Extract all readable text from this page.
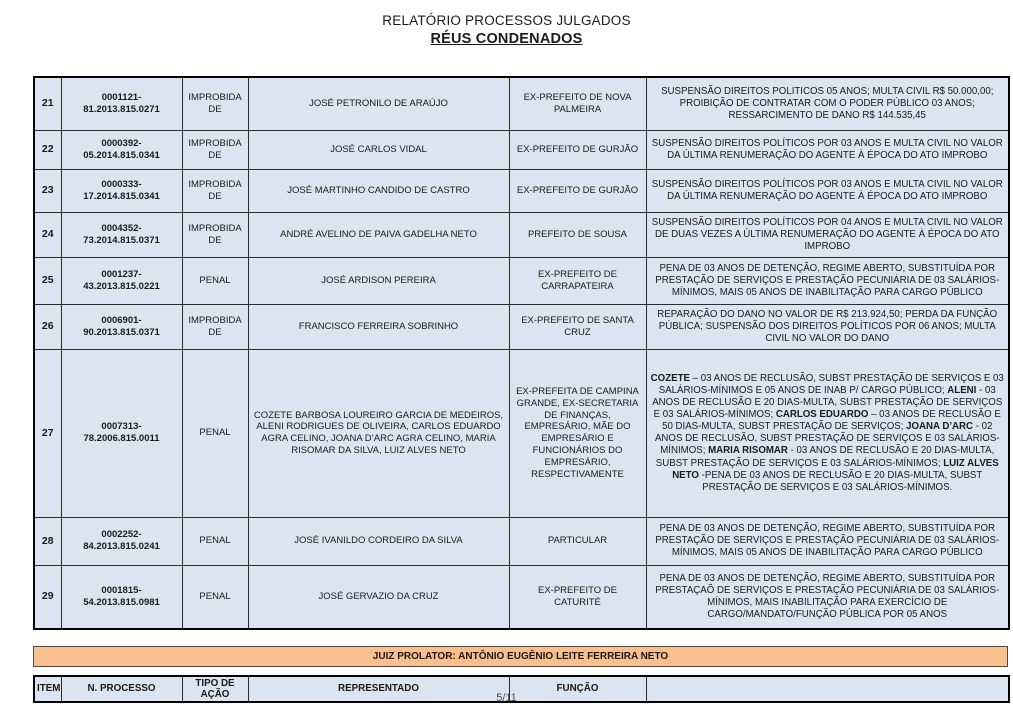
RELATÓRIO PROCESSOS JULGADOS
RÉUS CONDENADOS
21	0001121-81.2013.815.0271	IMPROBIDADE	JOSÉ PETRONILO DE ARAÚJO	EX-PREFEITO DE NOVA PALMEIRA	SUSPENSÃO DIREITOS POLITICOS 05 ANOS; MULTA CIVIL R$ 50.000,00; PROIBIÇÃO DE CONTRATAR COM O PODER PÚBLICO 03 ANOS; RESSARCIMENTO DE DANO R$ 144.535,45
22	0000392-05.2014.815.0341	IMPROBIDADE	JOSÉ CARLOS VIDAL	EX-PREFEITO DE GURJÃO	SUSPENSÃO DIREITOS POLÍTICOS POR 03 ANOS E MULTA CIVIL NO VALOR DA ÚLTIMA RENUMERAÇÃO DO AGENTE À ÉPOCA DO ATO IMPROBO
23	0000333-17.2014.815.0341	IMPROBIDADE	JOSÉ MARTINHO CANDIDO DE CASTRO	EX-PREFEITO DE GURJÃO	SUSPENSÃO DIREITOS POLÍTICOS POR 03 ANOS E MULTA CIVIL NO VALOR DA ÚLTIMA RENUMERAÇÃO DO AGENTE À ÉPOCA DO ATO IMPROBO
24	0004352-73.2014.815.0371	IMPROBIDADE	ANDRÉ AVELINO DE PAIVA GADELHA NETO	PREFEITO DE SOUSA	SUSPENSÃO DIREITOS POLÍTICOS POR 04 ANOS E MULTA CIVIL NO VALOR DE DUAS VEZES A ÚLTIMA RENUMERAÇÃO DO AGENTE À ÉPOCA DO ATO IMPROBO
25	0001237-43.2013.815.0221	PENAL	JOSÉ ARDISON PEREIRA	EX-PREFEITO DE CARRAPATEIRA	PENA DE 03 ANOS DE DETENÇÃO, REGIME ABERTO, SUBSTITUÍDA POR PRESTAÇÃO DE SERVIÇOS E PRESTAÇÃO PECUNIÁRIA DE 03 SALÁRIOS-MÍNIMOS, MAIS 05 ANOS DE INABILITAÇÃO PARA CARGO PÚBLICO
26	0006901-90.2013.815.0371	IMPROBIDADE	FRANCISCO FERREIRA SOBRINHO	EX-PREFEITO DE SANTA CRUZ	REPARAÇÃO DO DANO NO VALOR DE R$ 213.924,50; PERDA DA FUNÇÃO PÚBLICA; SUSPENSÃO DOS DIREITOS POLÍTICOS POR 06 ANOS; MULTA CIVIL NO VALOR DO DANO
27	0007313-78.2006.815.0011	PENAL	COZETE BARBOSA LOUREIRO GARCIA DE MEDEIROS, ALENI RODRIGUES DE OLIVEIRA, CARLOS EDUARDO AGRA CELINO, JOANA D’ARC AGRA CELINO, MARIA RISOMAR DA SILVA, LUIZ ALVES NETO	EX-PREFEITA DE CAMPINA GRANDE, EX-SECRETARIA DE FINANÇAS, EMPRESÁRIO, MÃE DO EMPRESÁRIO E FUNCIONÁRIOS DO EMPRESÁRIO, RESPECTIVAMENTE	COZETE – 03 ANOS DE RECLUSÃO, SUBST PRESTAÇÃO DE SERVIÇOS E 03 SALÁRIOS-MÍNIMOS E 05 ANOS DE INAB P/ CARGO PÚBLICO; ALENI - 03 ANOS DE RECLUSÃO E 20 DIAS-MULTA, SUBST PRESTAÇÃO DE SERVIÇOS E 03 SALÁRIOS-MÍNIMOS; CARLOS EDUARDO – 03 ANOS DE RECLUSÃO E 50 DIAS-MULTA, SUBST PRESTAÇÃO DE SERVIÇOS; JOANA D’ARC - 02 ANOS DE RECLUSÃO, SUBST PRESTAÇÃO DE SERVIÇOS E 03 SALÁRIOS-MÍNIMOS; MARIA RISOMAR - 03 ANOS DE RECLUSÃO E 20 DIAS-MULTA, SUBST PRESTAÇÃO DE SERVIÇOS E 03 SALÁRIOS-MÍNIMOS; LUIZ ALVES NETO -PENA DE 03 ANOS DE RECLUSÃO E 20 DIAS-MULTA, SUBST PRESTAÇÃO DE SERVIÇOS E 03 SALÁRIOS-MÍNIMOS.
28	0002252-84.2013.815.0241	PENAL	JOSÉ IVANILDO CORDEIRO DA SILVA	PARTICULAR	PENA DE 03 ANOS DE DETENÇÃO, REGIME ABERTO, SUBSTITUÍDA POR PRESTAÇÃO DE SERVIÇOS E PRESTAÇÃO PECUNIÁRIA DE 03 SALÁRIOS-MÍNIMOS, MAIS 05 ANOS DE INABILITAÇÃO PARA CARGO PÚBLICO
29	0001815-54.2013.815.0981	PENAL	JOSÉ GERVAZIO DA CRUZ	EX-PREFEITO DE CATURITÉ	PENA DE 03 ANOS DE DETENÇÃO, REGIME ABERTO, SUBSTITUÍDA POR PRESTAÇAÕ DE SERVIÇOS E PRESTAÇÃO PECUNIÁRIA DE 03 SALÁRIOS-MÍNIMOS, MAIS INABILITAÇÃO PARA EXERCÍCIO DE CARGO/MANDATO/FUNÇÃO PÚBLICA POR 05 ANOS
JUIZ PROLATOR: ANTÔNIO EUGÊNIO LEITE FERREIRA NETO
ITEM	N. PROCESSO	TIPO DE AÇÃO	REPRESENTADO	FUNÇÃO	
5/11
